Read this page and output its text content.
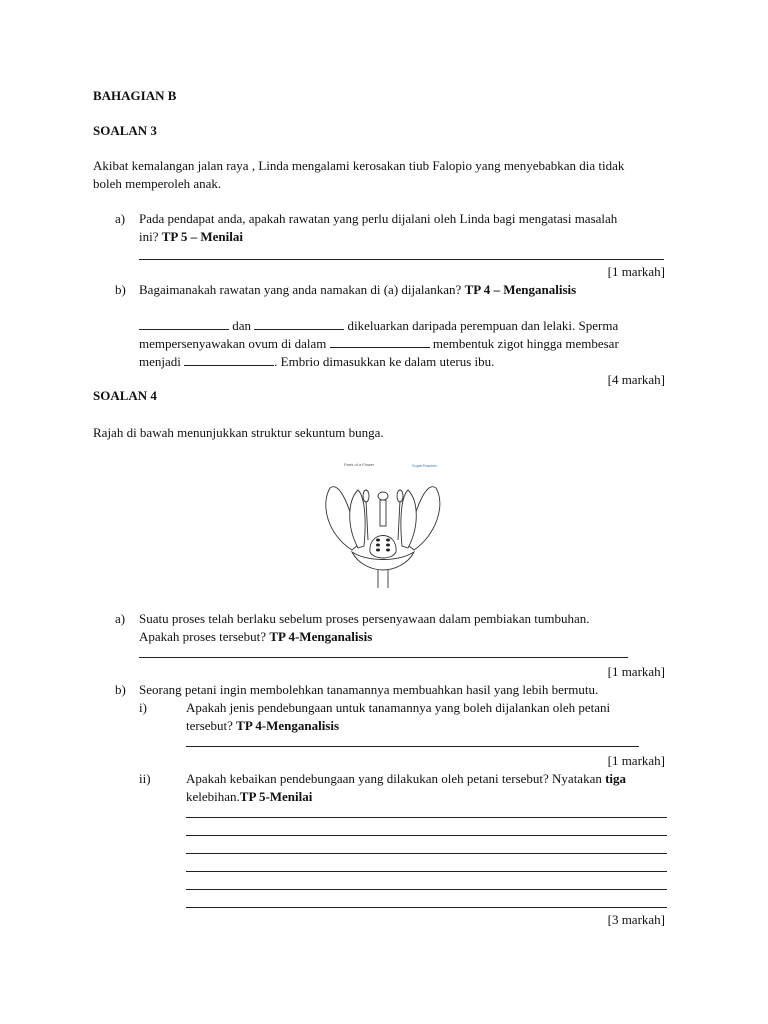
BAHAGIAN B
SOALAN 3
Akibat kemalangan jalan raya , Linda mengalami kerosakan tiub Falopio yang menyebabkan dia tidak
boleh memperoleh anak.
a) Pada pendapat anda, apakah rawatan yang perlu dijalani oleh Linda bagi mengatasi masalah
ini? TP 5 – Menilai
[1 markah]
b) Bagaimanakah rawatan yang anda namakan di (a) dijalankan? TP 4 – Menganalisis
dan	dikeluarkan daripada perempuan dan lelaki. Sperma
mempersenyawakan ovum di dalam	membentuk zigot hingga membesar
menjadi	. Embrio dimasukkan ke dalam uterus ibu.
[4 markah]
SOALAN 4
Rajah di bawah menunjukkan struktur sekuntum bunga.
Parts of a Flower	SuperTeacher
a) Suatu proses telah berlaku sebelum proses persenyawaan dalam pembiakan tumbuhan.
Apakah proses tersebut? TP 4-Menganalisis
[1 markah]
b) Seorang petani ingin membolehkan tanamannya membuahkan hasil yang lebih bermutu.
i)	Apakah jenis pendebungaan untuk tanamannya yang boleh dijalankan oleh petani
tersebut? TP 4-Menganalisis
[1 markah]
ii)	Apakah kebaikan pendebungaan yang dilakukan oleh petani tersebut? Nyatakan tiga
kelebihan.TP 5-Menilai
[3 markah]
